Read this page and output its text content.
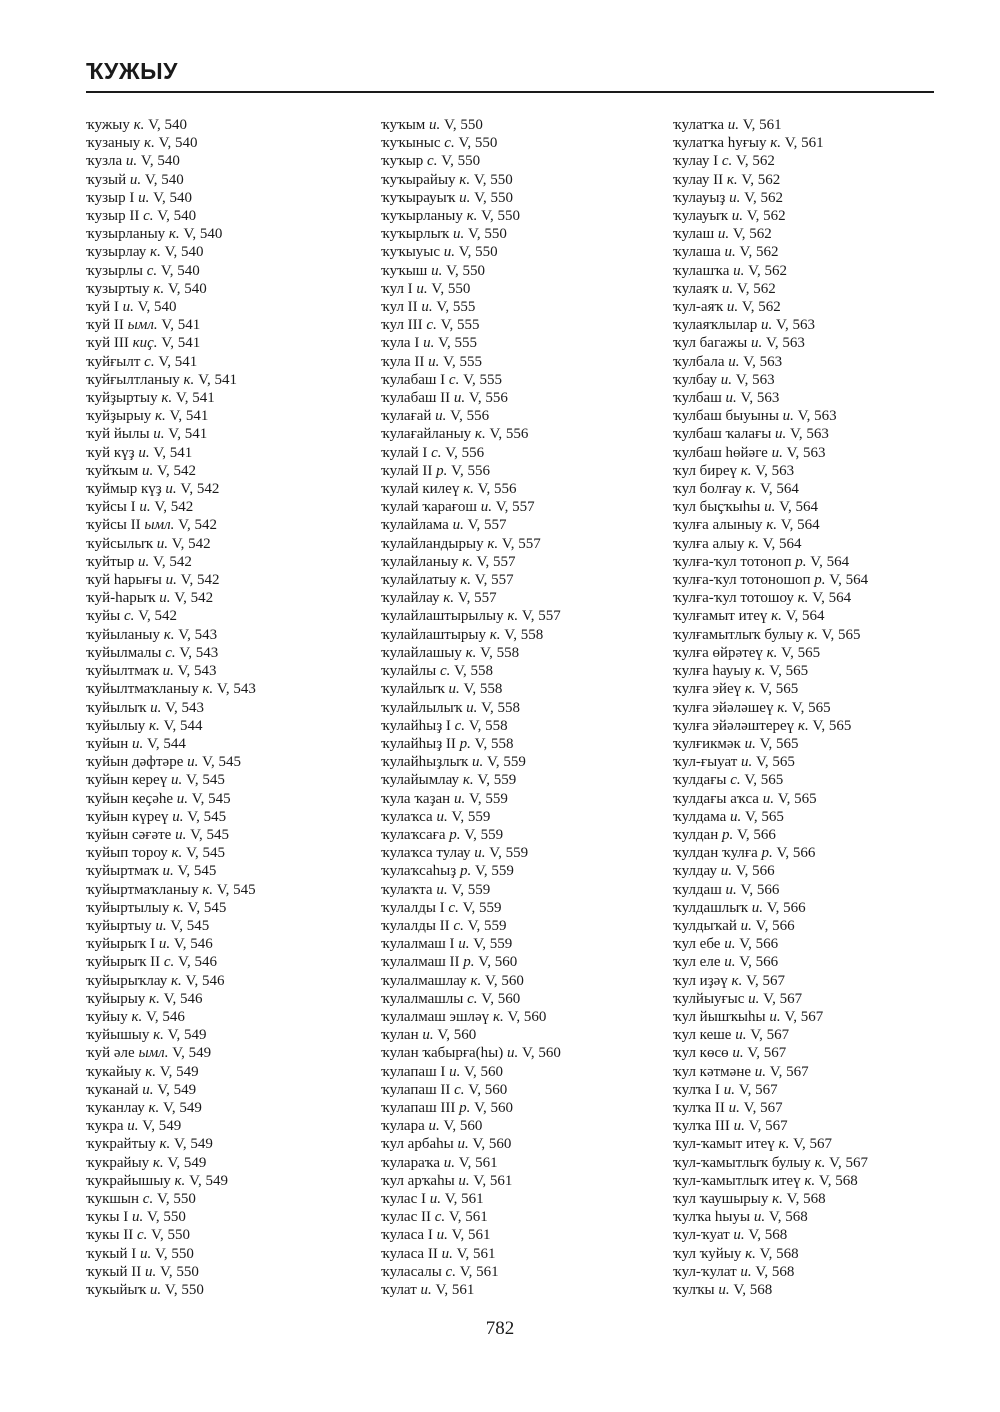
ҠУЖЫУ
ҡужыу к. V, 540
ҡузаныу к. V, 540
ҡузла и. V, 540
ҡузый и. V, 540
ҡузыр I и. V, 540
ҡузыр II с. V, 540
ҡузырланыу к. V, 540
ҡузырлау к. V, 540
ҡузырлы с. V, 540
ҡузыртыу к. V, 540
ҡуй I и. V, 540
ҡуй II ымл. V, 541
ҡуй III киҫ. V, 541
ҡуйғылт с. V, 541
ҡуйғылтланыу к. V, 541
ҡуйҙыртыу к. V, 541
ҡуйҙырыу к. V, 541
ҡуй йылы и. V, 541
ҡуй күҙ и. V, 541
ҡуйҡым и. V, 542
ҡуймыр күҙ и. V, 542
ҡуйсы I и. V, 542
ҡуйсы II ымл. V, 542
ҡуйсылыҡ и. V, 542
ҡуйтыр и. V, 542
ҡуй һарығы и. V, 542
ҡуй-һарыҡ и. V, 542
ҡуйы с. V, 542
ҡуйыланыу к. V, 543
ҡуйылмалы с. V, 543
ҡуйылтмаҡ и. V, 543
ҡуйылтмаҡланыу к. V, 543
ҡуйылыҡ и. V, 543
ҡуйылыу к. V, 544
ҡуйын и. V, 544
ҡуйын дәфтәре и. V, 545
ҡуйын кереү и. V, 545
ҡуйын кеҫәһе и. V, 545
ҡуйын күреү и. V, 545
ҡуйын сәғәте и. V, 545
ҡуйып тороу к. V, 545
ҡуйыртмаҡ и. V, 545
ҡуйыртмаҡланыу к. V, 545
ҡуйыртылыу к. V, 545
ҡуйыртыу и. V, 545
ҡуйырыҡ I и. V, 546
ҡуйырыҡ II с. V, 546
ҡуйырыҡлау к. V, 546
ҡуйырыу к. V, 546
ҡуйыу к. V, 546
ҡуйышыу к. V, 549
ҡуй әле ымл. V, 549
ҡукайыу к. V, 549
ҡуканай и. V, 549
ҡуканлау к. V, 549
ҡукра и. V, 549
ҡукрайтыу к. V, 549
ҡукрайыу к. V, 549
ҡукрайышыу к. V, 549
ҡукшын с. V, 550
ҡукы I и. V, 550
ҡукы II с. V, 550
ҡукый I и. V, 550
ҡукый II и. V, 550
ҡукыйыҡ и. V, 550
ҡуҡым и. V, 550
ҡуҡыныс с. V, 550
ҡуҡыр с. V, 550
ҡуҡырайыу к. V, 550
ҡуҡырауыҡ и. V, 550
ҡуҡырланыу к. V, 550
ҡуҡырлыҡ и. V, 550
ҡуҡыуыс и. V, 550
ҡуҡыш и. V, 550
ҡул I и. V, 550
ҡул II и. V, 555
ҡул III с. V, 555
ҡула I и. V, 555
ҡула II и. V, 555
ҡулабаш I с. V, 555
ҡулабаш II и. V, 556
ҡулағай и. V, 556
ҡулағайланыу к. V, 556
ҡулай I с. V, 556
ҡулай II р. V, 556
ҡулай килеү к. V, 556
ҡулай ҡарағош и. V, 557
ҡулайлама и. V, 557
ҡулайландырыу к. V, 557
ҡулайланыу к. V, 557
ҡулайлатыу к. V, 557
ҡулайлау к. V, 557
ҡулайлаштырылыу к. V, 557
ҡулайлаштырыу к. V, 558
ҡулайлашыу к. V, 558
ҡулайлы с. V, 558
ҡулайлыҡ и. V, 558
ҡулайлылыҡ и. V, 558
ҡулайһыҙ I с. V, 558
ҡулайһыҙ II р. V, 558
ҡулайһыҙлыҡ и. V, 559
ҡулайымлау к. V, 559
ҡула ҡаҙан и. V, 559
ҡулаҡса и. V, 559
ҡулаҡсаға р. V, 559
ҡулаҡса тулау и. V, 559
ҡулаҡсаһыҙ р. V, 559
ҡулаҡта и. V, 559
ҡулалды I с. V, 559
ҡулалды II с. V, 559
ҡулалмаш I и. V, 559
ҡулалмаш II р. V, 560
ҡулалмашлау к. V, 560
ҡулалмашлы с. V, 560
ҡулалмаш эшләү к. V, 560
ҡулан и. V, 560
ҡулан ҡабырға(һы) и. V, 560
ҡулапаш I и. V, 560
ҡулапаш II с. V, 560
ҡулапаш III р. V, 560
ҡулара и. V, 560
ҡул арбаһы и. V, 560
ҡулараҡа и. V, 561
ҡул арҡаһы и. V, 561
ҡулас I и. V, 561
ҡулас II с. V, 561
ҡуласа I и. V, 561
ҡуласа II и. V, 561
ҡуласалы с. V, 561
ҡулат и. V, 561
ҡулатҡа и. V, 561
ҡулатҡа һуғыу к. V, 561
ҡулау I с. V, 562
ҡулау II к. V, 562
ҡулауыҙ и. V, 562
ҡулауыҡ и. V, 562
ҡулаш и. V, 562
ҡулаша и. V, 562
ҡулашҡа и. V, 562
ҡулаяҡ и. V, 562
ҡул-аяҡ и. V, 562
ҡулаяҡлылар и. V, 563
ҡул багажы и. V, 563
ҡулбала и. V, 563
ҡулбау и. V, 563
ҡулбаш и. V, 563
ҡулбаш быуыны и. V, 563
ҡулбаш ҡалағы и. V, 563
ҡулбаш һөйәге и. V, 563
ҡул биреү к. V, 563
ҡул болғау к. V, 564
ҡул быҫҡыһы и. V, 564
ҡулға алыныу к. V, 564
ҡулға алыу к. V, 564
ҡулға-ҡул тотоноп р. V, 564
ҡулға-ҡул тотоношоп р. V, 564
ҡулға-ҡул тотошоу к. V, 564
ҡулғамыт итеү к. V, 564
ҡулғамытлыҡ булыу к. V, 565
ҡулға өйрәтеү к. V, 565
ҡулға һауыу к. V, 565
ҡулға эйеү к. V, 565
ҡулға эйәләшеү к. V, 565
ҡулға эйәләштереү к. V, 565
ҡулғикмәк и. V, 565
ҡул-ғыуат и. V, 565
ҡулдағы с. V, 565
ҡулдағы аҡса и. V, 565
ҡулдама и. V, 565
ҡулдан р. V, 566
ҡулдан ҡулға р. V, 566
ҡулдау и. V, 566
ҡулдаш и. V, 566
ҡулдашлыҡ и. V, 566
ҡулдыҡай и. V, 566
ҡул ебе и. V, 566
ҡул еле и. V, 566
ҡул иҙәү к. V, 567
ҡулйыуғыс и. V, 567
ҡул йышҡыһы и. V, 567
ҡул кеше и. V, 567
ҡул көсө и. V, 567
ҡул кәтмәне и. V, 567
ҡулҡа I и. V, 567
ҡулҡа II и. V, 567
ҡулҡа III и. V, 567
ҡул-ҡамыт итеү к. V, 567
ҡул-ҡамытлыҡ булыу к. V, 567
ҡул-ҡамытлыҡ итеү к. V, 568
ҡул ҡаушырыу к. V, 568
ҡулҡа һыуы и. V, 568
ҡул-ҡуат и. V, 568
ҡул ҡуйыу к. V, 568
ҡул-ҡулат и. V, 568
ҡулҡы и. V, 568
782
